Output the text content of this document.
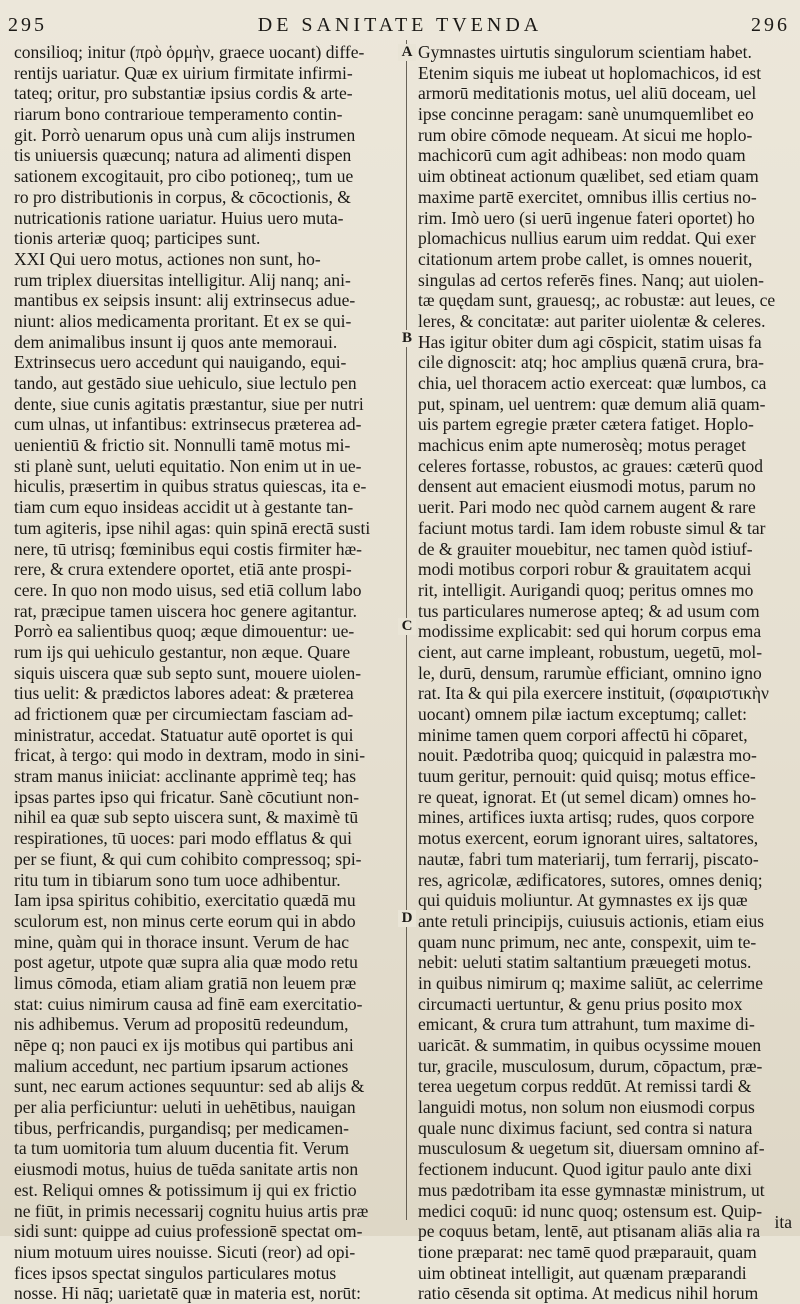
295	DE SANITATE TVENDA	296
consilioq; initur (πρὸ ὁρμὴν, graece uocant) diffe-
rentijs uariatur. Quæ ex uirium firmitate infirmi-
tateq; oritur, pro substantiæ ipsius cordis & arte-
riarum bono contrarioue temperamento contin-
git. Porrò uenarum opus unà cum alijs instrumen
tis uniuersis quæcunq; natura ad alimenti dispen
sationem excogitauit, pro cibo potioneq;, tum ue
ro pro distributionis in corpus, & cōcoctionis, &
nutricationis ratione uariatur. Huius uero muta-
tionis arteriæ quoq; participes sunt.
XXI Qui uero motus, actiones non sunt, ho-
rum triplex diuersitas intelligitur. Alij nanq; ani-
mantibus ex seipsis insunt: alij extrinsecus adue-
niunt: alios medicamenta proritant. Et ex se qui-
dem animalibus insunt ij quos ante memoraui.
Extrinsecus uero accedunt qui nauigando, equi-
tando, aut gestādo siue uehiculo, siue lectulo pen
dente, siue cunis agitatis præstantur, siue per nutri
cum ulnas, ut infantibus: extrinsecus præterea ad-
uenientiū & frictio sit. Nonnulli tamē motus mi-
sti planè sunt, ueluti equitatio. Non enim ut in ue-
hiculis, præsertim in quibus stratus quiescas, ita e-
tiam cum equo insideas accidit ut à gestante tan-
tum agiteris, ipse nihil agas: quin spinā erectā susti
nere, tū utrisq; fœminibus equi costis firmiter hæ-
rere, & crura extendere oportet, etiā ante prospi-
cere. In quo non modo uisus, sed etiā collum labo
rat, præcipue tamen uiscera hoc genere agitantur.
Porrò ea salientibus quoq; æque dimouentur: ue-
rum ijs qui uehiculo gestantur, non æque. Quare
siquis uiscera quæ sub septo sunt, mouere uiolen-
tius uelit: & prædictos labores adeat: & præterea
ad frictionem quæ per circumiectam fasciam ad-
ministratur, accedat. Statuatur autē oportet is qui
fricat, à tergo: qui modo in dextram, modo in sini-
stram manus iniiciat: acclinante apprimè teq; has
ipsas partes ipso qui fricatur. Sanè cōcutiunt non-
nihil ea quæ sub septo uiscera sunt, & maximè tū
respirationes, tū uoces: pari modo efflatus & qui
per se fiunt, & qui cum cohibito compressoq; spi-
ritu tum in tibiarum sono tum uoce adhibentur.
Iam ipsa spiritus cohibitio, exercitatio quædā mu
sculorum est, non minus certe eorum qui in abdo
mine, quàm qui in thorace insunt. Verum de hac
post agetur, utpote quæ supra alia quæ modo retu
limus cōmoda, etiam aliam gratiā non leuem præ
stat: cuius nimirum causa ad finē eam exercitatio-
nis adhibemus. Verum ad propositū redeundum,
nēpe q; non pauci ex ijs motibus qui partibus ani
malium accedunt, nec partium ipsarum actiones
sunt, nec earum actiones sequuntur: sed ab alijs &
per alia perficiuntur: ueluti in uehētibus, nauigan
tibus, perfricandis, purgandisq; per medicamen-
ta tum uomitoria tum aluum ducentia fit. Verum
eiusmodi motus, huius de tuēda sanitate artis non
est. Reliqui omnes & potissimum ij qui ex frictio
ne fiūt, in primis necessarij cognitu huius artis præ
sidi sunt: quippe ad cuius professionē spectat om-
nium motuum uires nouisse. Sicuti (reor) ad opi-
fices ipsos spectat singulos particulares motus
nosse. Hi nāq; uarietatē quæ in materia est, norūt:
A
B
C
D
Gymnastes uirtutis singulorum scientiam habet.
Etenim siquis me iubeat ut hoplomachicos, id est
armorū meditationis motus, uel aliū doceam, uel
ipse concinne peragam: sanè unumquemlibet eo
rum obire cōmode nequeam. At sicui me hoplo-
machicorū cum agit adhibeas: non modo quam
uim obtineat actionum quælibet, sed etiam quam
maxime partē exercitet, omnibus illis certius no-
rim. Imò uero (si uerū ingenue fateri oportet) ho
plomachicus nullius earum uim reddat. Qui exer
citationum artem probe callet, is omnes nouerit,
singulas ad certos referēs fines. Nanq; aut uiolen-
tæ quędam sunt, grauesq;, ac robustæ: aut leues, ce
leres, & concitatæ: aut pariter uiolentæ & celeres.
Has igitur obiter dum agi cōspicit, statim uisas fa
cile dignoscit: atq; hoc amplius quænā crura, bra-
chia, uel thoracem actio exerceat: quæ lumbos, ca
put, spinam, uel uentrem: quæ demum aliā quam-
uis partem egregie præter cætera fatiget. Hoplo-
machicus enim apte numerosèq; motus peraget
celeres fortasse, robustos, ac graues: cæterū quod
densent aut emacient eiusmodi motus, parum no
uerit. Pari modo nec quòd carnem augent & rare
faciunt motus tardi. Iam idem robuste simul & tar
de & grauiter mouebitur, nec tamen quòd istiuf-
modi motibus corpori robur & grauitatem acqui
rit, intelligit. Aurigandi quoq; peritus omnes mo
tus particulares numerose apteq; & ad usum com
modissime explicabit: sed qui horum corpus ema
cient, aut carne impleant, robustum, uegetū, mol-
le, durū, densum, rarumùe efficiant, omnino igno
rat. Ita & qui pila exercere instituit, (σφαιριστικὴν
uocant) omnem pilæ iactum exceptumq; callet:
minime tamen quem corpori affectū hi cōparet,
nouit. Pædotriba quoq; quicquid in palæstra mo-
tuum geritur, pernouit: quid quisq; motus effice-
re queat, ignorat. Et (ut semel dicam) omnes ho-
mines, artifices iuxta artisq; rudes, quos corpore
motus exercent, eorum ignorant uires, saltatores,
nautæ, fabri tum materiarij, tum ferrarij, piscato-
res, agricolæ, ædificatores, sutores, omnes deniq;
qui quiduis moliuntur. At gymnastes ex ijs quæ
ante retuli principijs, cuiusuis actionis, etiam eius
quam nunc primum, nec ante, conspexit, uim te-
nebit: ueluti statim saltantium præuegeti motus.
in quibus nimirum q; maxime saliūt, ac celerrime
circumacti uertuntur, & genu prius posito mox
emicant, & crura tum attrahunt, tum maxime di-
uaricāt. & summatim, in quibus ocyssime mouen
tur, gracile, musculosum, durum, cōpactum, præ-
terea uegetum corpus reddūt. At remissi tardi &
languidi motus, non solum non eiusmodi corpus
quale nunc diximus faciunt, sed contra si natura
musculosum & uegetum sit, diuersam omnino af-
fectionem inducunt. Quod igitur paulo ante dixi
mus pædotribam ita esse gymnastæ ministrum, ut
medici coquū: id nunc quoq; ostensum est. Quip-
pe coquus betam, lentē, aut ptisanam aliās alia ra
tione præparat: nec tamē quod præparauit, quam
uim obtineat intelligit, aut quænam præparandi
ratio cēsenda sit optima. At medicus nihil horum
ita
